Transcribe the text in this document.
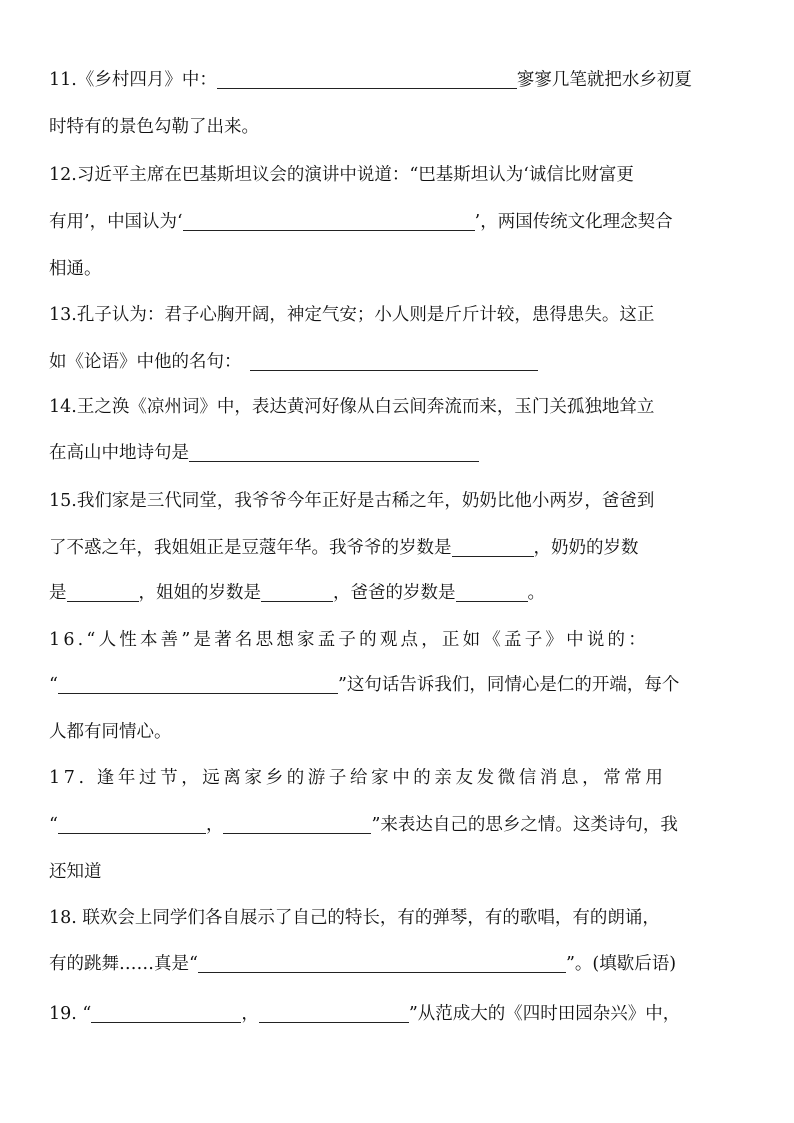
11.《乡村四月》中：	寥寥几笔就把水乡初夏
时特有的景色勾勒了出来。
12.习近平主席在巴基斯坦议会的演讲中说道：“巴基斯坦认为‘诚信比财富更
有用’，中国认为‘	’，两国传统文化理念契合
相通。
13.孔子认为：君子心胸开阔，神定气安；小人则是斤斤计较，患得患失。这正
如《论语》中他的名句：
14.王之涣《凉州词》中，表达黄河好像从白云间奔流而来，玉门关孤独地耸立
在高山中地诗句是
15.我们家是三代同堂，我爷爷今年正好是古稀之年，奶奶比他小两岁，爸爸到
了不惑之年，我姐姐正是豆蔻年华。我爷爷的岁数是	，奶奶的岁数
是	，姐姐的岁数是	，爸爸的岁数是	。
16.“人性本善”是著名思想家孟子的观点，正如《孟子》中说的：
“	”这句话告诉我们，同情心是仁的开端，每个
人都有同情心。
17. 逢年过节，远离家乡的游子给家中的亲友发微信消息，常常用
“	，	”来表达自己的思乡之情。这类诗句，我
还知道
18. 联欢会上同学们各自展示了自己的特长，有的弹琴，有的歌唱，有的朗诵，
有的跳舞……真是“	”。(填歇后语)
19. “	，	”从范成大的《四时田园杂兴》中，
